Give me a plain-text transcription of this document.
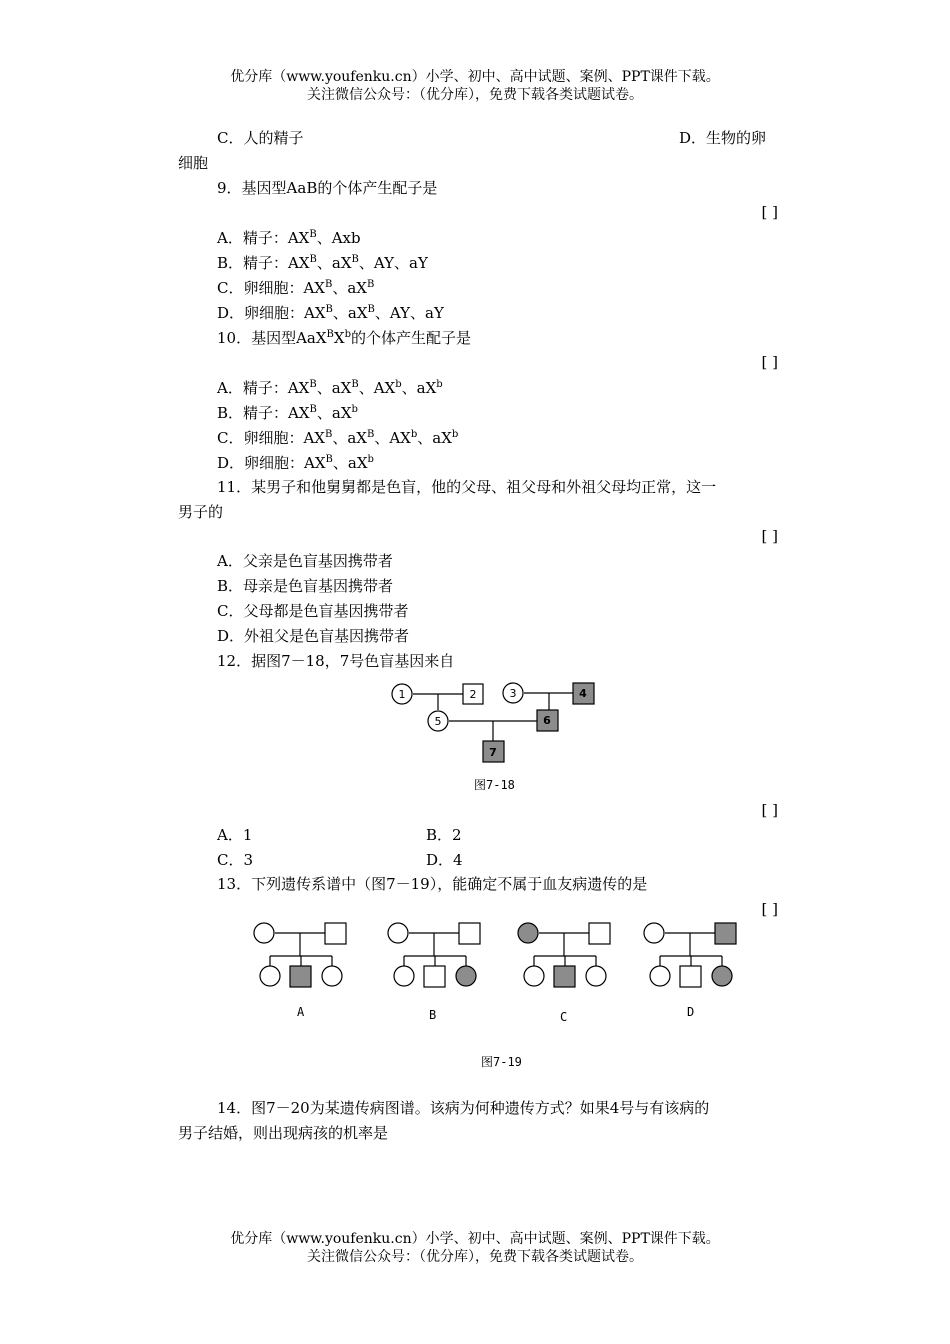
优分库（www.youfenku.cn）小学、初中、高中试题、案例、PPT课件下载。
关注微信公众号：（优分库），免费下载各类试题试卷。
C．人的精子	D．生物的卵
细胞
9．基因型AaB的个体产生配子是
[ ]
A．精子：$AX^B$、Axb
B．精子：$AX^B$、$aX^B$、AY、aY
C．卵细胞：$AX^B$、$aX^B$
D．卵细胞：$AX^B$、$aX^B$、AY、aY
10．基因型$AaX^BX^b$的个体产生配子是
[ ]
A．精子：$AX^B$、$aX^B$、$AX^b$、$aX^b$
B．精子：$AX^B$、$aX^b$
C．卵细胞：$AX^B$、$aX^B$、$AX^b$、$aX^b$
D．卵细胞：$AX^B$、$aX^b$
11．某男子和他舅舅都是色盲，他的父母、祖父母和外祖父母均正常，这一
男子的
[ ]
A．父亲是色盲基因携带者
B．母亲是色盲基因携带者
C．父母都是色盲基因携带者
D．外祖父是色盲基因携带者
12．据图7－18，7号色盲基因来自
1	2	3	4
5	6
7
图7-18
[ ]
A．1	B．2
C．3	D．4
13．下列遗传系谱中（图7－19），能确定不属于血友病遗传的是
[ ]
A	B	C	D
图7-19
14．图7－20为某遗传病图谱。该病为何种遗传方式？如果4号与有该病的
男子结婚，则出现病孩的机率是
优分库（www.youfenku.cn）小学、初中、高中试题、案例、PPT课件下载。
关注微信公众号：（优分库），免费下载各类试题试卷。
